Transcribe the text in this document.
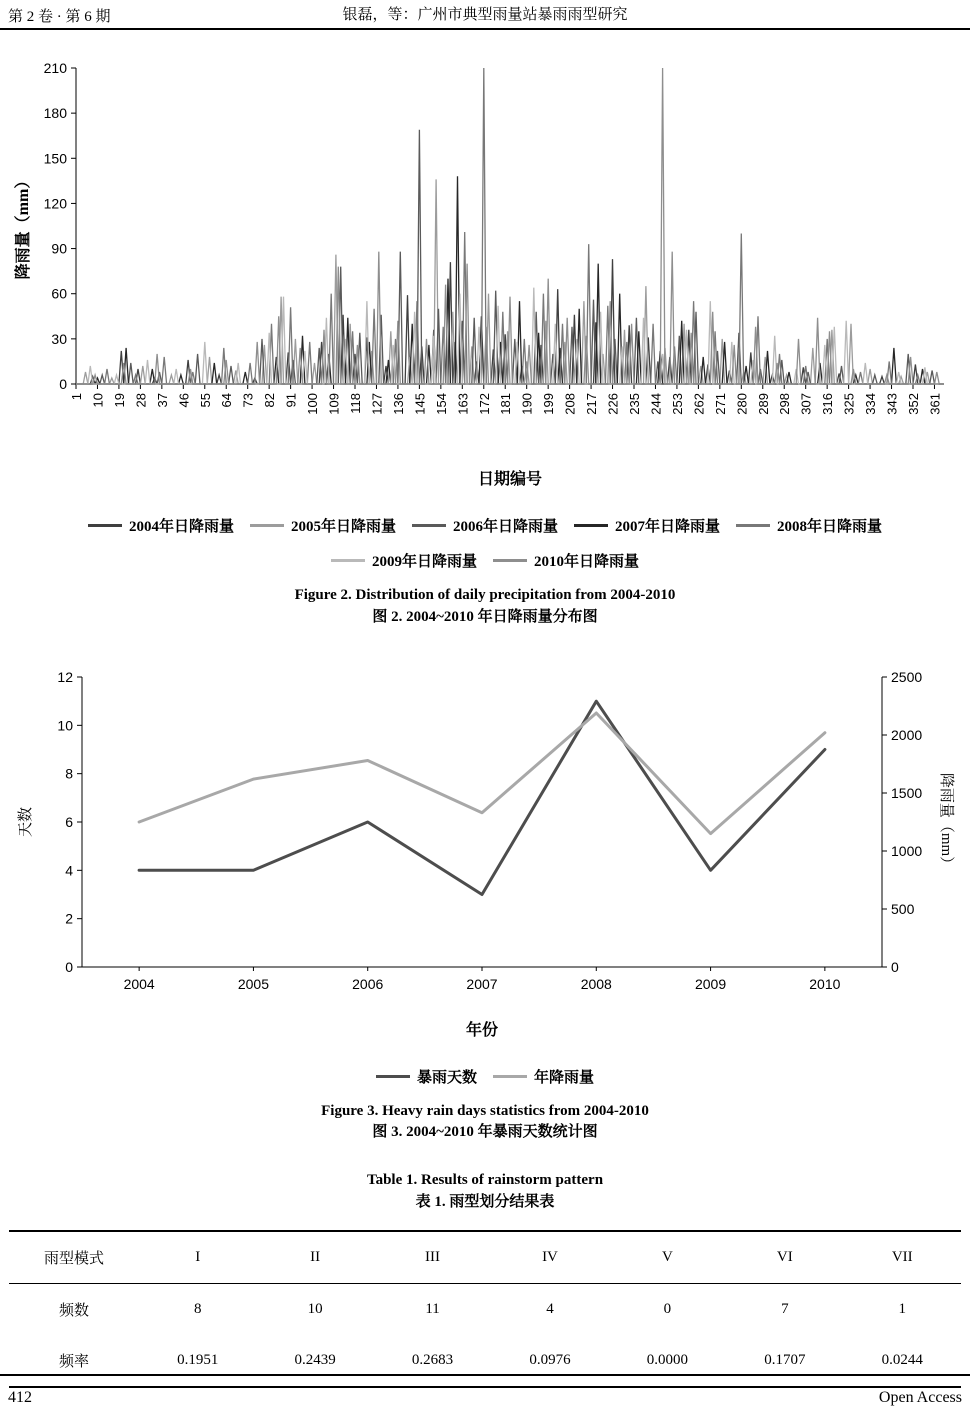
第 2 卷 · 第 6 期	银磊，等：广州市典型雨量站暴雨雨型研究
0
30
60
90
120
150
180
210
1 10 19 28 37 46 55 64 73 82 91 100 109 118 127 136 145 154 163 172 181 190 199 208 217 226 235 244 253 262 271 280 289 298 307 316 325 334 343 352 361
降雨量（mm）
日期编号
2004年日降雨量	2005年日降雨量	2006年日降雨量	2007年日降雨量	2008年日降雨量
2009年日降雨量	2010年日降雨量
Figure 2. Distribution of daily precipitation from 2004-2010
图 2. 2004~2010 年日降雨量分布图
0
2
4
6
8
10
12
0
500
1000
1500
2000
2500
2004	2005	2006	2007	2008	2009	2010
天数	降雨量（mm）
年份
暴雨天数	年降雨量
Figure 3. Heavy rain days statistics from 2004-2010
图 3. 2004~2010 年暴雨天数统计图
Table 1. Results of rainstorm pattern
表 1. 雨型划分结果表
雨型模式	I	II	III	IV	V	VI	VII
频数	8	10	11	4	0	7	1
频率	0.1951	0.2439	0.2683	0.0976	0.0000	0.1707	0.0244
412	Open Access
